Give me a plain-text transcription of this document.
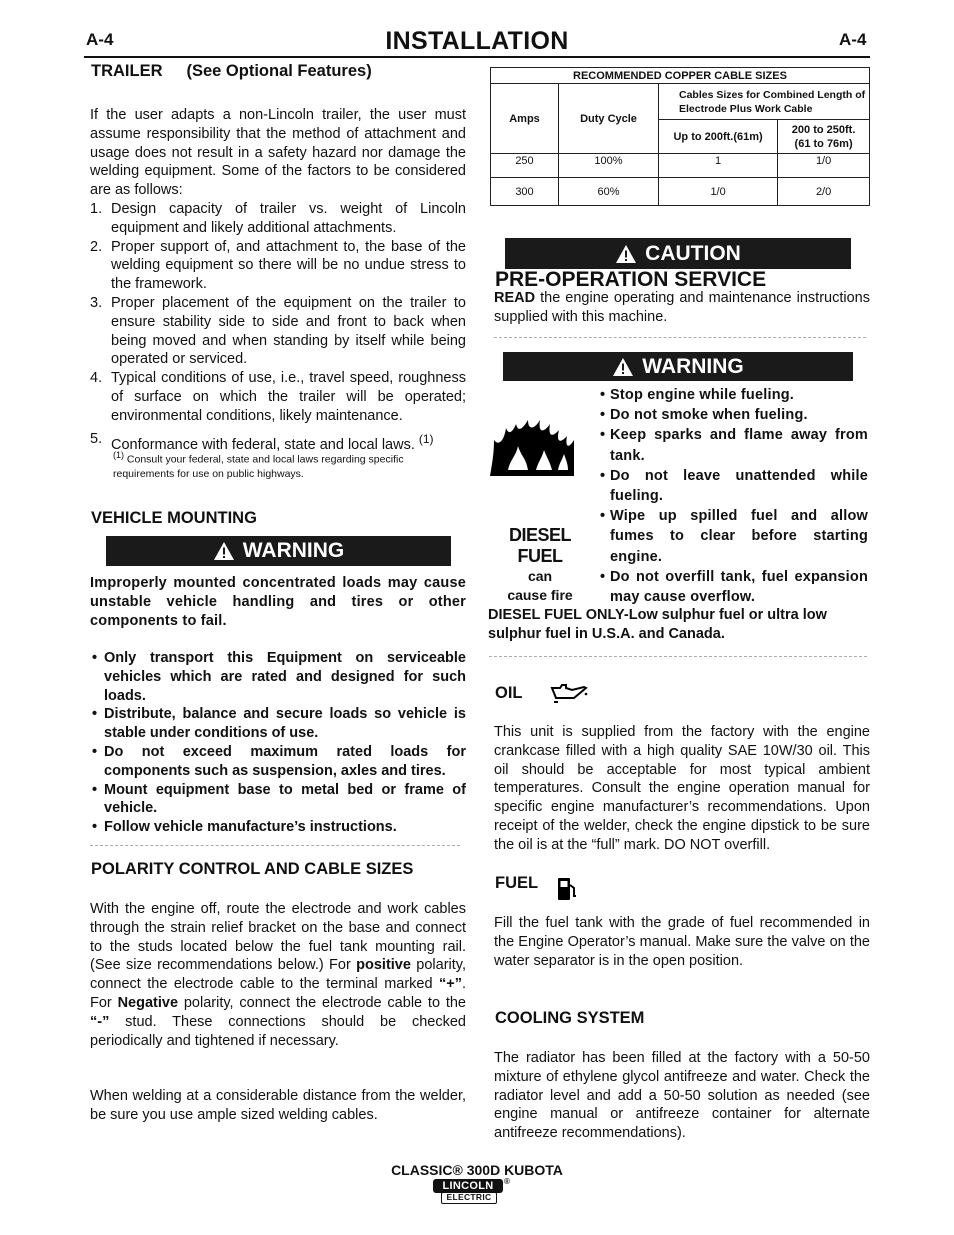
A-4	INSTALLATION	A-4
TRAILER (See Optional Features)
If the user adapts a non-Lincoln trailer, the user must assume responsibility that the method of attachment and usage does not result in a safety hazard nor damage the welding equipment. Some of the factors to be considered are as follows:
1. Design capacity of trailer vs. weight of Lincoln equipment and likely additional attachments.
2. Proper support of, and attachment to, the base of the welding equipment so there will be no undue stress to the framework.
3. Proper placement of the equipment on the trailer to ensure stability side to side and front to back when being moved and when standing by itself while being operated or serviced.
4. Typical conditions of use, i.e., travel speed, roughness of surface on which the trailer will be operated; environmental conditions, likely maintenance.
5. Conformance with federal, state and local laws. $^{(1)}$
$^{(1)}$ Consult your federal, state and local laws regarding specific requirements for use on public highways.
VEHICLE MOUNTING
WARNING
Improperly mounted concentrated loads may cause unstable vehicle handling and tires or other components to fail.
• Only transport this Equipment on serviceable vehicles which are rated and designed for such loads.
• Distribute, balance and secure loads so vehicle is stable under conditions of use.
• Do not exceed maximum rated loads for components such as suspension, axles and tires.
• Mount equipment base to metal bed or frame of vehicle.
• Follow vehicle manufacture’s instructions.
POLARITY CONTROL AND CABLE SIZES
With the engine off, route the electrode and work cables through the strain relief bracket on the base and connect to the studs located below the fuel tank mounting rail. (See size recommendations below.) For positive polarity, connect the electrode cable to the terminal marked “+”. For Negative polarity, connect the electrode cable to the “-” stud. These connections should be checked periodically and tightened if necessary.
When welding at a considerable distance from the welder, be sure you use ample sized welding cables.
RECOMMENDED COPPER CABLE SIZES			
Amps	Duty Cycle	Cables Sizes for Combined Length of Electrode Plus Work Cable	
		Up to 200ft.(61m)	200 to 250ft.
(61 to 76m)
250	100%	1	1/0
300	60%	1/0	2/0
CAUTION
PRE-OPERATION SERVICE
READ the engine operating and maintenance instructions supplied with this machine.
WARNING
DIESEL FUEL
can
cause fire
• Stop engine while fueling.
• Do not smoke when fueling.
• Keep sparks and flame away from tank.
• Do not leave unattended while fueling.
• Wipe up spilled fuel and allow fumes to clear before starting engine.
• Do not overfill tank, fuel expansion may cause overflow.
DIESEL FUEL ONLY-Low sulphur fuel or ultra low sulphur fuel in U.S.A. and Canada.
OIL
This unit is supplied from the factory with the engine crankcase filled with a high quality SAE 10W/30 oil. This oil should be acceptable for most typical ambient temperatures. Consult the engine operation manual for specific engine manufacturer’s recommendations. Upon receipt of the welder, check the engine dipstick to be sure the oil is at the “full” mark. DO NOT overfill.
FUEL
Fill the fuel tank with the grade of fuel recommended in the Engine Operator’s manual. Make sure the valve on the water separator is in the open position.
COOLING SYSTEM
The radiator has been filled at the factory with a 50-50 mixture of ethylene glycol antifreeze and water. Check the radiator level and add a 50-50 solution as needed (see engine manual or antifreeze container for alternate antifreeze recommendations).
CLASSIC® 300D KUBOTA
LINCOLN
ELECTRIC
®
